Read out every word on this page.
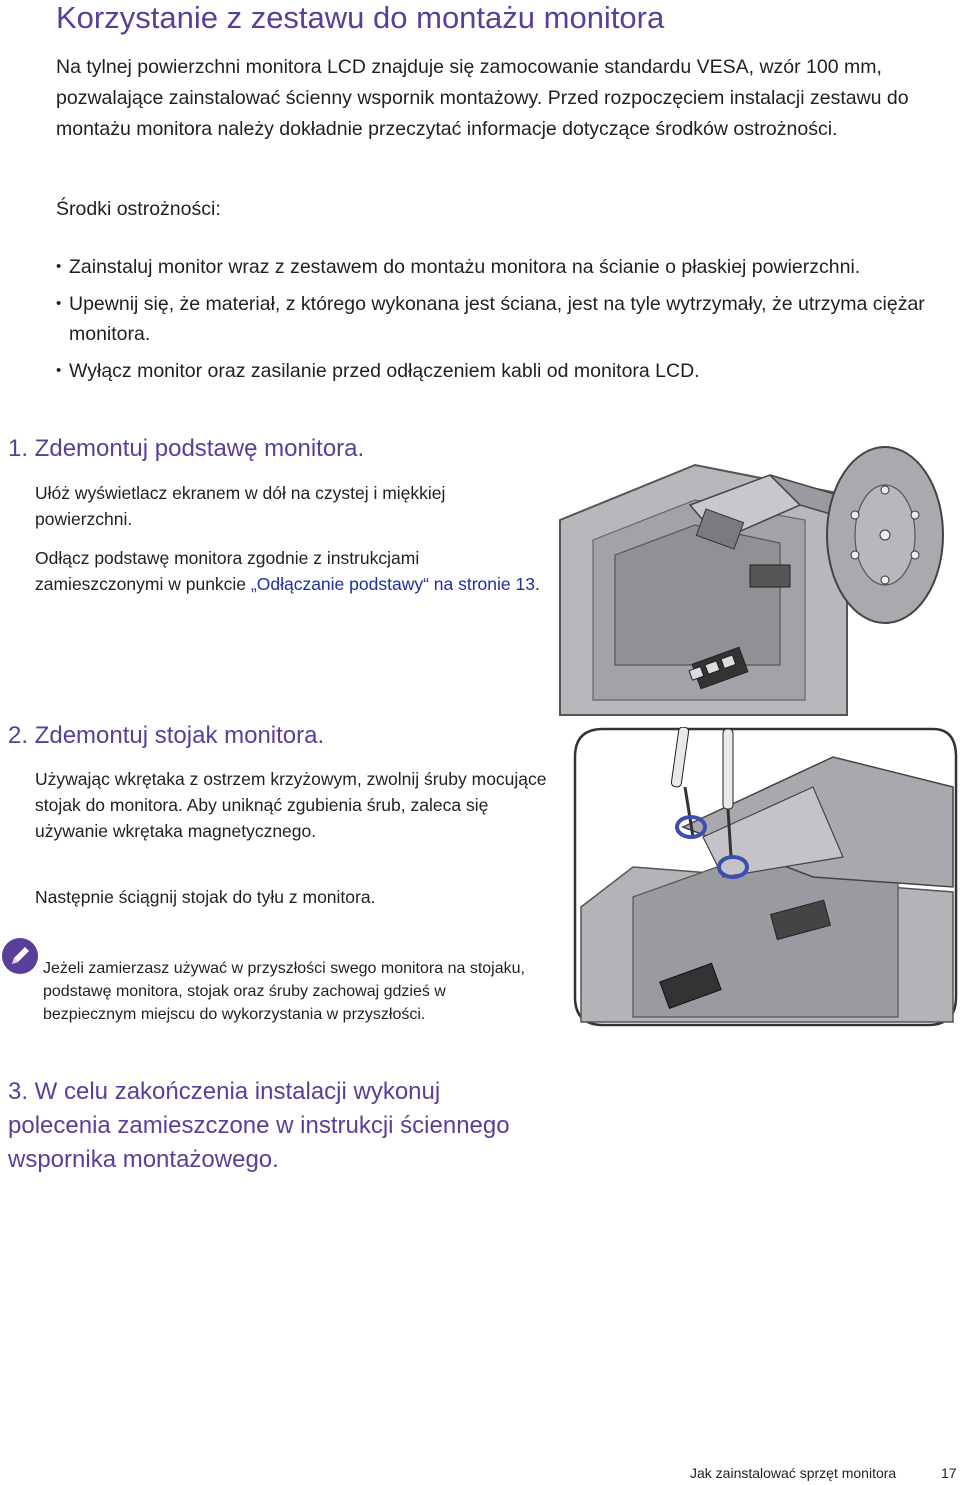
Korzystanie z zestawu do montażu monitora

Na tylnej powierzchni monitora LCD znajduje się zamocowanie standardu VESA, wzór 100 mm, pozwalające zainstalować ścienny wspornik montażowy. Przed rozpoczęciem instalacji zestawu do montażu monitora należy dokładnie przeczytać informacje dotyczące środków ostrożności.

Środki ostrożności:

• Zainstaluj monitor wraz z zestawem do montażu monitora na ścianie o płaskiej powierzchni.
• Upewnij się, że materiał, z którego wykonana jest ściana, jest na tyle wytrzymały, że utrzyma ciężar monitora.
• Wyłącz monitor oraz zasilanie przed odłączeniem kabli od monitora LCD.
1. Zdemontuj podstawę monitora.

Ułóż wyświetlacz ekranem w dół na czystej i miękkiej powierzchni.

Odłącz podstawę monitora zgodnie z instrukcjami zamieszczonymi w punkcie „Odłączanie podstawy“ na stronie 13.

2. Zdemontuj stojak monitora.

Używając wkrętaka z ostrzem krzyżowym, zwolnij śruby mocujące stojak do monitora. Aby uniknąć zgubienia śrub, zaleca się używanie wkrętaka magnetycznego.

Następnie ściągnij stojak do tyłu z monitora.

Jeżeli zamierzasz używać w przyszłości swego monitora na stojaku, podstawę monitora, stojak oraz śruby zachowaj gdzieś w bezpiecznym miejscu do wykorzystania w przyszłości.

3. W celu zakończenia instalacji wykonuj polecenia zamieszczone w instrukcji ściennego wspornika montażowego.
Jak zainstalować sprzęt monitora	17
